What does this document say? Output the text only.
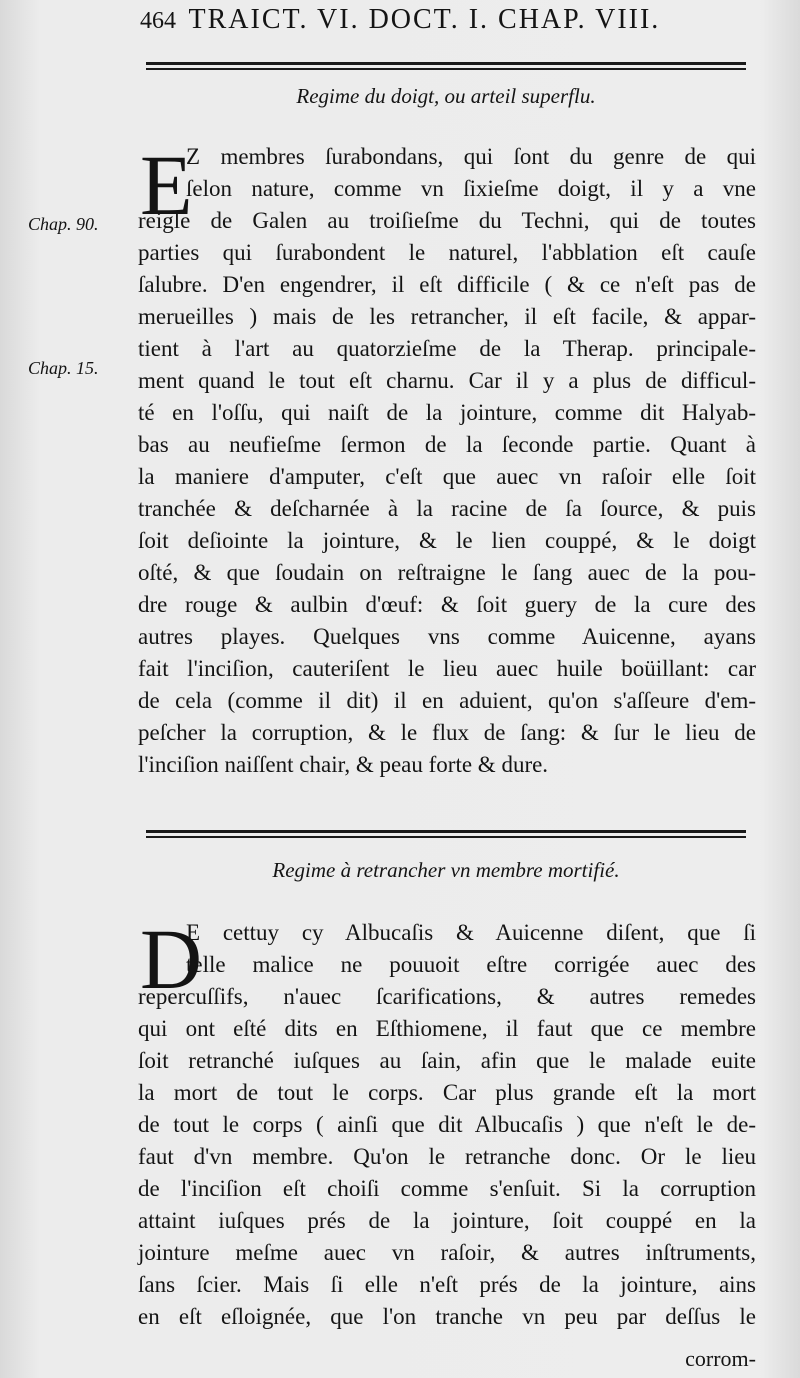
464 TRAICT. VI. DOCT. I. CHAP. VIII.
Regime du doigt, ou arteil superflu.
Chap. 90.
Chap. 15.
E
Z membres ſurabondans, qui ſont du genre de qui
ſelon nature, comme vn ſixieſme doigt, il y a vne
reigle de Galen au troiſieſme du Techni, qui de toutes
parties qui ſurabondent le naturel, l'abblation eſt cauſe
ſalubre. D'en engendrer, il eſt difficile ( & ce n'eſt pas de
merueilles ) mais de les retrancher, il eſt facile, & appar-
tient à l'art au quatorzieſme de la Therap. principale-
ment quand le tout eſt charnu. Car il y a plus de difficul-
té en l'oſſu, qui naiſt de la jointure, comme dit Halyab-
bas au neufieſme ſermon de la ſeconde partie. Quant à
la maniere d'amputer, c'eſt que auec vn raſoir elle ſoit
tranchée & deſcharnée à la racine de ſa ſource, & puis
ſoit deſiointe la jointure, & le lien couppé, & le doigt
oſté, & que ſoudain on reſtraigne le ſang auec de la pou-
dre rouge & aulbin d'œuf: & ſoit guery de la cure des
autres playes. Quelques vns comme Auicenne, ayans
fait l'inciſion, cauteriſent le lieu auec huile boüillant: car
de cela (comme il dit) il en aduient, qu'on s'aſſeure d'em-
peſcher la corruption, & le flux de ſang: & ſur le lieu de
l'inciſion naiſſent chair, & peau forte & dure.
Regime à retrancher vn membre mortifié.
D
E cettuy cy Albucaſis & Auicenne diſent, que ſi
telle malice ne pouuoit eſtre corrigée auec des
repercuſſifs, n'auec ſcarifications, & autres remedes
qui ont eſté dits en Eſthiomene, il faut que ce membre
ſoit retranché iuſques au ſain, afin que le malade euite
la mort de tout le corps. Car plus grande eſt la mort
de tout le corps ( ainſi que dit Albucaſis ) que n'eſt le de-
faut d'vn membre. Qu'on le retranche donc. Or le lieu
de l'inciſion eſt choiſi comme s'enſuit. Si la corruption
attaint iuſques prés de la jointure, ſoit couppé en la
jointure meſme auec vn raſoir, & autres inſtruments,
ſans ſcier. Mais ſi elle n'eſt prés de la jointure, ains
en eſt eſloignée, que l'on tranche vn peu par deſſus le
corrom-
